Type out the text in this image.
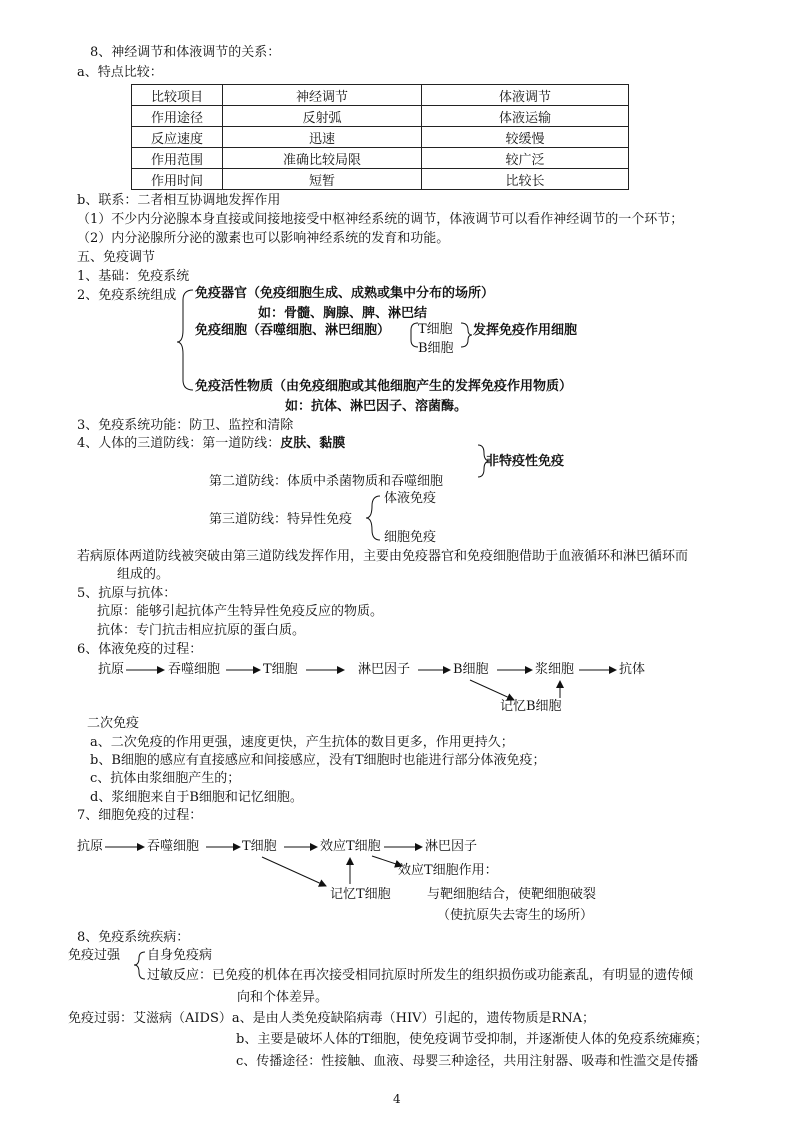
8、神经调节和体液调节的关系：
a、特点比较：
比较项目	神经调节	体液调节
作用途径	反射弧	体液运输
反应速度	迅速	较缓慢
作用范围	准确比较局限	较广泛
作用时间	短暂	比较长
b、联系：二者相互协调地发挥作用
（1）不少内分泌腺本身直接或间接地接受中枢神经系统的调节，体液调节可以看作神经调节的一个环节；
（2）内分泌腺所分泌的激素也可以影响神经系统的发育和功能。
五、免疫调节
1、基础：免疫系统
2、免疫系统组成 免疫器官（免疫细胞生成、成熟或集中分布的场所）
如：骨髓、胸腺、脾、淋巴结
免疫细胞（吞噬细胞、淋巴细胞） T细胞
B细胞
发挥免疫作用细胞
免疫活性物质（由免疫细胞或其他细胞产生的发挥免疫作用物质）
如：抗体、淋巴因子、溶菌酶。
3、免疫系统功能：防卫、监控和清除
4、人体的三道防线：第一道防线：皮肤、黏膜
非特疫性免疫
第二道防线：体质中杀菌物质和吞噬细胞
体液免疫
第三道防线：特异性免疫
细胞免疫
若病原体两道防线被突破由第三道防线发挥作用，主要由免疫器官和免疫细胞借助于血液循环和淋巴循环而
组成的。
5、抗原与抗体：
抗原：能够引起抗体产生特异性免疫反应的物质。
抗体：专门抗击相应抗原的蛋白质。
6、体液免疫的过程：
抗原	吞噬细胞	T细胞	淋巴因子	B细胞	浆细胞	抗体
记忆B细胞
二次免疫
a、二次免疫的作用更强，速度更快，产生抗体的数目更多，作用更持久；
b、B细胞的感应有直接感应和间接感应，没有T细胞时也能进行部分体液免疫；
c、抗体由浆细胞产生的；
d、浆细胞来自于B细胞和记忆细胞。
7、细胞免疫的过程：
抗原	吞噬细胞	T细胞	效应T细胞	淋巴因子
效应T细胞作用：
记忆T细胞	与靶细胞结合，使靶细胞破裂
（使抗原失去寄生的场所）
8、免疫系统疾病：
免疫过强 自身免疫病
过敏反应：已免疫的机体在再次接受相同抗原时所发生的组织损伤或功能紊乱，有明显的遗传倾
向和个体差异。
免疫过弱：艾滋病（AIDS）a、是由人类免疫缺陷病毒（HIV）引起的，遗传物质是RNA；
b、主要是破坏人体的T细胞，使免疫调节受抑制，并逐渐使人体的免疫系统瘫痪；
c、传播途径：性接触、血液、母婴三种途径，共用注射器、吸毒和性滥交是传播
4
